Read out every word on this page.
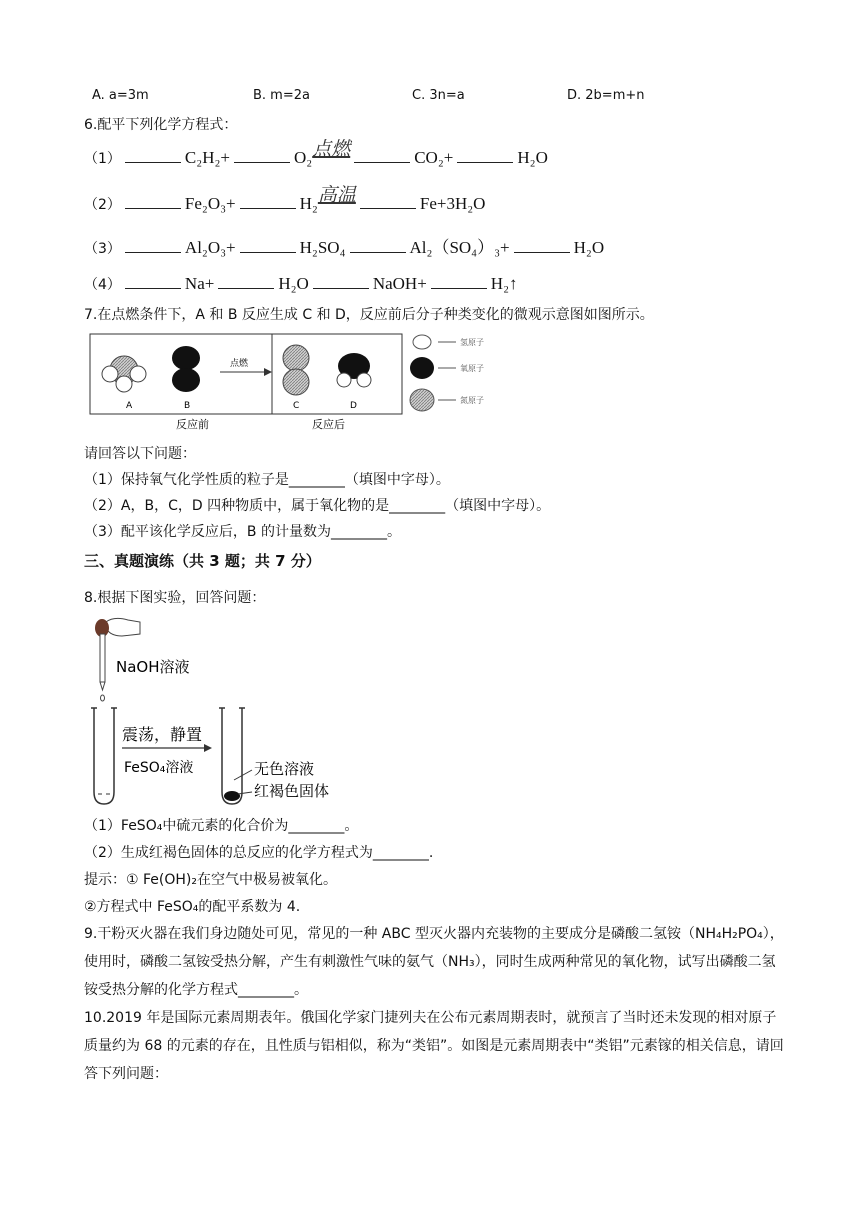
A. a=3m	B. m=2a	C. 3n=a	D. 2b=m+n
6.配平下列化学方程式：
（1）	C₂H₂+	O₂点燃	CO₂+	H₂O
（2）	Fe₂O₃+	H₂高温	Fe+3H₂O
（3）	Al₂O₃+	H₂SO₄	Al₂（SO₄）₃+	H₂O
（4）	Na+	H₂O	NaOH+	H₂↑
7.在点燃条件下，A 和 B 反应生成 C 和 D，反应前后分子种类变化的微观示意图如图所示。
A	B
点燃
C	D
反应前	反应后
氢原子
氧原子
氮原子
请回答以下问题：
（1）保持氧气化学性质的粒子是________（填图中字母）。
（2）A，B，C，D 四种物质中，属于氧化物的是________（填图中字母）。
（3）配平该化学反应后，B 的计量数为________。
三、真题演练（共 3 题；共 7 分）
8.根据下图实验，回答问题：
NaOH溶液
FeSO₄溶液
震荡，静置
无色溶液
红褐色固体
（1）FeSO₄中硫元素的化合价为________。
（2）生成红褐色固体的总反应的化学方程式为________.
提示：① Fe(OH)₂在空气中极易被氧化。
②方程式中 FeSO₄的配平系数为 4.
9.干粉灭火器在我们身边随处可见，常见的一种 ABC 型灭火器内充装物的主要成分是磷酸二氢铵（NH₄H₂PO₄），使用时，磷酸二氢铵受热分解，产生有刺激性气味的氨气（NH₃），同时生成两种常见的氧化物，试写出磷酸二氢铵受热分解的化学方程式________。
10.2019 年是国际元素周期表年。俄国化学家门捷列夫在公布元素周期表时，就预言了当时还未发现的相对原子质量约为 68 的元素的存在，且性质与铝相似，称为“类铝”。如图是元素周期表中“类铝”元素镓的相关信息，请回答下列问题：
